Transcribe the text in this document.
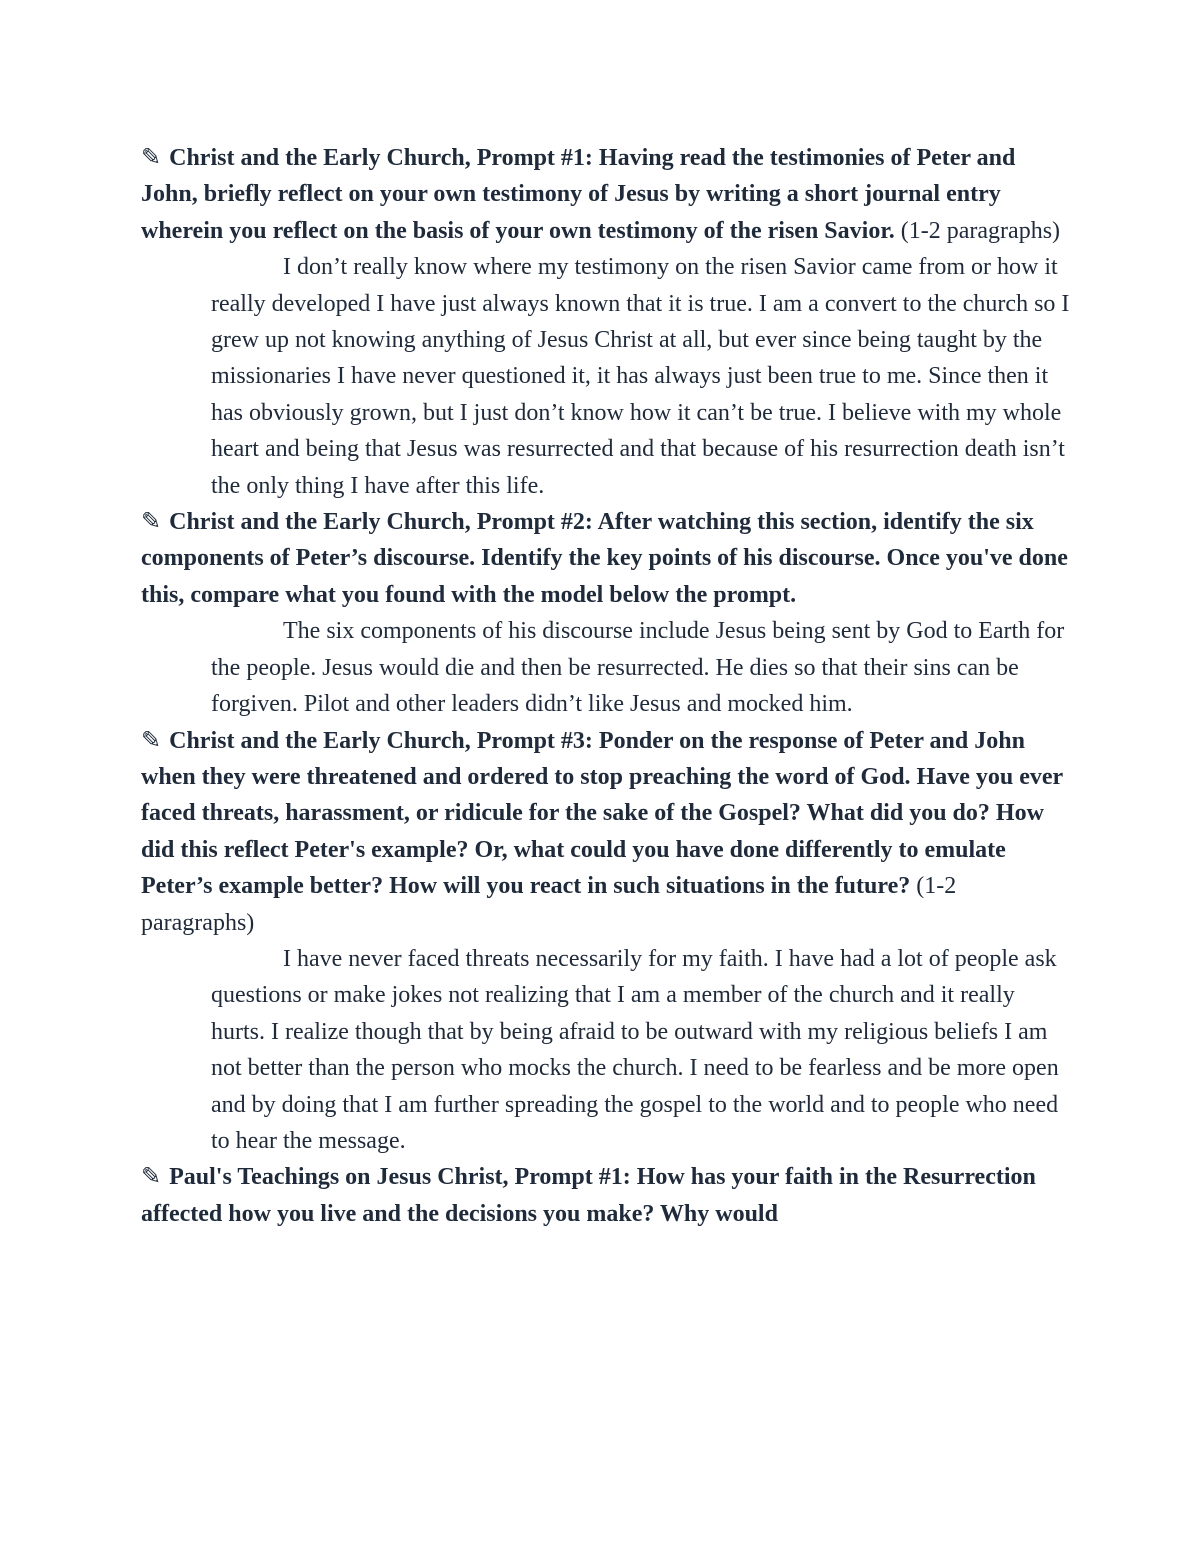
✎ Christ and the Early Church, Prompt #1: Having read the testimonies of Peter and John, briefly reflect on your own testimony of Jesus by writing a short journal entry wherein you reflect on the basis of your own testimony of the risen Savior. (1-2 paragraphs)

I don’t really know where my testimony on the risen Savior came from or how it really developed I have just always known that it is true. I am a convert to the church so I grew up not knowing anything of Jesus Christ at all, but ever since being taught by the missionaries I have never questioned it, it has always just been true to me. Since then it has obviously grown, but I just don’t know how it can’t be true. I believe with my whole heart and being that Jesus was resurrected and that because of his resurrection death isn’t the only thing I have after this life.

✎ Christ and the Early Church, Prompt #2: After watching this section, identify the six components of Peter’s discourse. Identify the key points of his discourse. Once you've done this, compare what you found with the model below the prompt.

The six components of his discourse include Jesus being sent by God to Earth for the people. Jesus would die and then be resurrected. He dies so that their sins can be forgiven. Pilot and other leaders didn’t like Jesus and mocked him.

✎ Christ and the Early Church, Prompt #3: Ponder on the response of Peter and John when they were threatened and ordered to stop preaching the word of God. Have you ever faced threats, harassment, or ridicule for the sake of the Gospel? What did you do? How did this reflect Peter's example? Or, what could you have done differently to emulate Peter’s example better? How will you react in such situations in the future? (1-2 paragraphs)

I have never faced threats necessarily for my faith. I have had a lot of people ask questions or make jokes not realizing that I am a member of the church and it really hurts. I realize though that by being afraid to be outward with my religious beliefs I am not better than the person who mocks the church. I need to be fearless and be more open and by doing that I am further spreading the gospel to the world and to people who need to hear the message.

✎ Paul's Teachings on Jesus Christ, Prompt #1: How has your faith in the Resurrection affected how you live and the decisions you make? Why would
